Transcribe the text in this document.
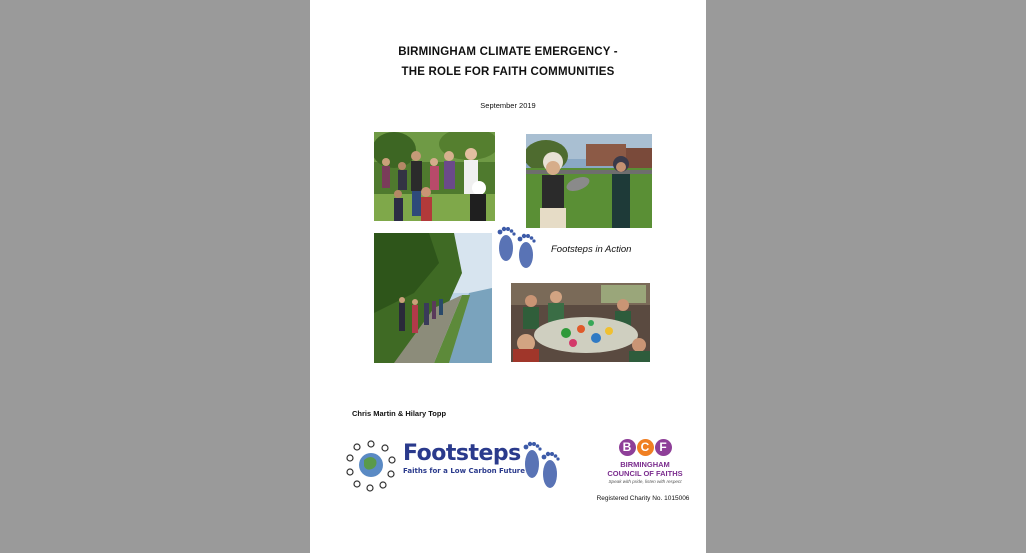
BIRMINGHAM CLIMATE EMERGENCY -
THE ROLE FOR FAITH COMMUNITIES
September 2019
Footsteps in Action
Chris Martin & Hilary Topp
Footsteps
Faiths for a Low Carbon Future
B C F
BIRMINGHAM
COUNCIL OF FAITHS
Speak with pride, listen with respect
Registered Charity No. 1015006
